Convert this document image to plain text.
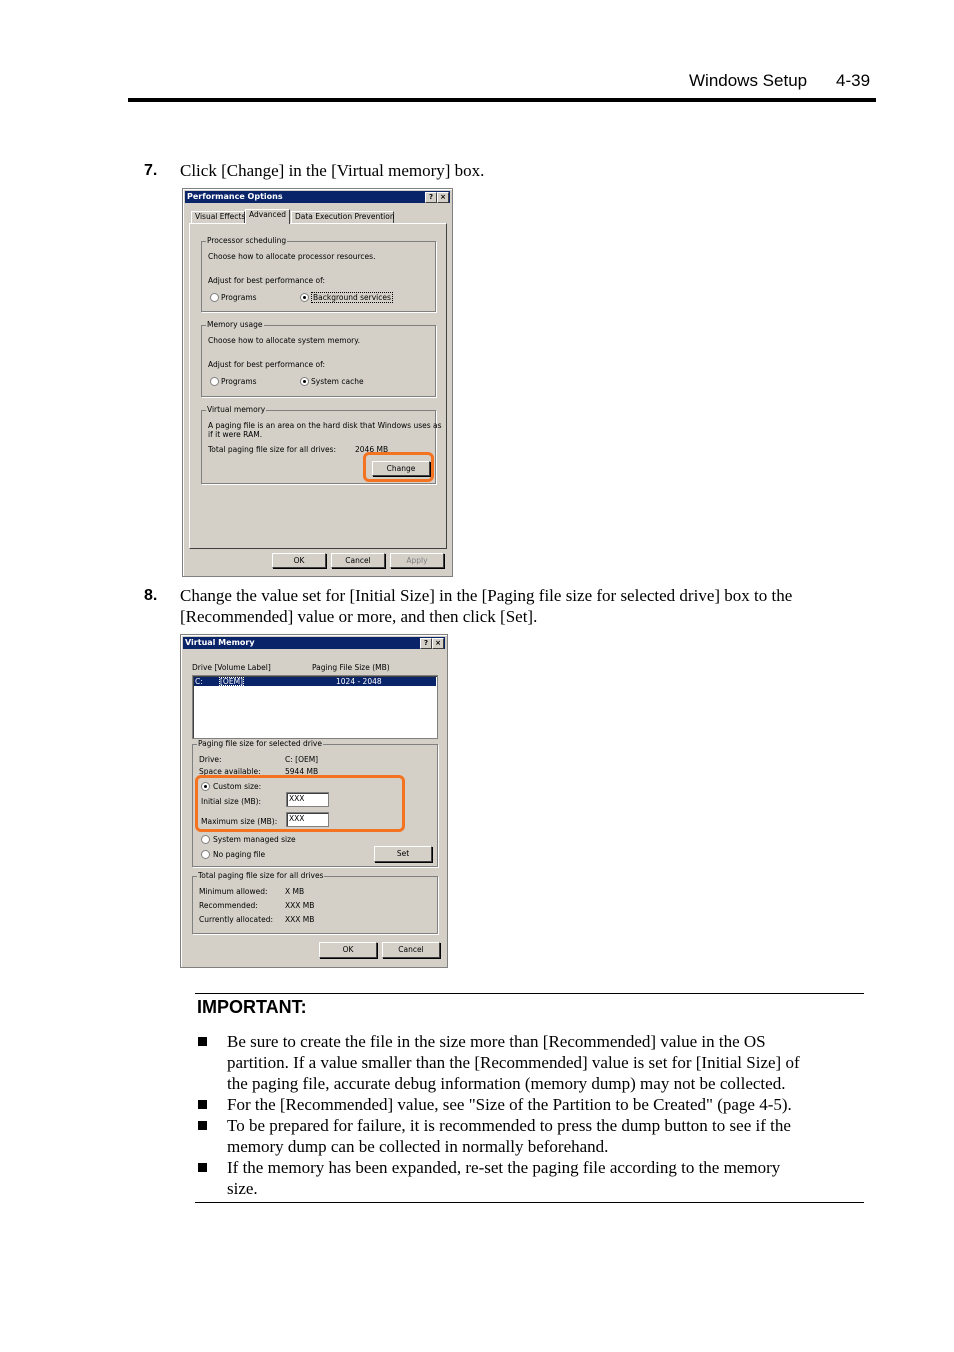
Windows Setup 4-39
7. Click [Change] in the [Virtual memory] box.
Performance Options	?	×
Visual Effects Advanced	Data Execution Prevention
Processor scheduling
Choose how to allocate processor resources.
Adjust for best performance of:
Programs	Background services
Memory usage
Choose how to allocate system memory.
Adjust for best performance of:
Programs	System cache
Virtual memory
A paging file is an area on the hard disk that Windows uses as
if it were RAM.
Total paging file size for all drives:	2046 MB
Change
OK	Cancel	Apply
8. Change the value set for [Initial Size] in the [Paging file size for selected drive] box to the
[Recommended] value or more, and then click [Set].
Virtual Memory	?	×
Drive [Volume Label]	Paging File Size (MB)
C: [OEM]	1024 - 2048
Paging file size for selected drive
Drive:	C: [OEM]
Space available:	5944 MB
Custom size:
Initial size (MB):	XXX
Maximum size (MB):	XXX
System managed size
No paging file	Set
Total paging file size for all drives
Minimum allowed: X MB
Recommended:	XXX MB
Currently allocated: XXX MB
OK	Cancel
IMPORTANT:
Be sure to create the file in the size more than [Recommended] value in the OS
partition. If a value smaller than the [Recommended] value is set for [Initial Size] of
the paging file, accurate debug information (memory dump) may not be collected.
For the [Recommended] value, see "Size of the Partition to be Created" (page 4-5).
To be prepared for failure, it is recommended to press the dump button to see if the
memory dump can be collected in normally beforehand.
If the memory has been expanded, re-set the paging file according to the memory
size.
